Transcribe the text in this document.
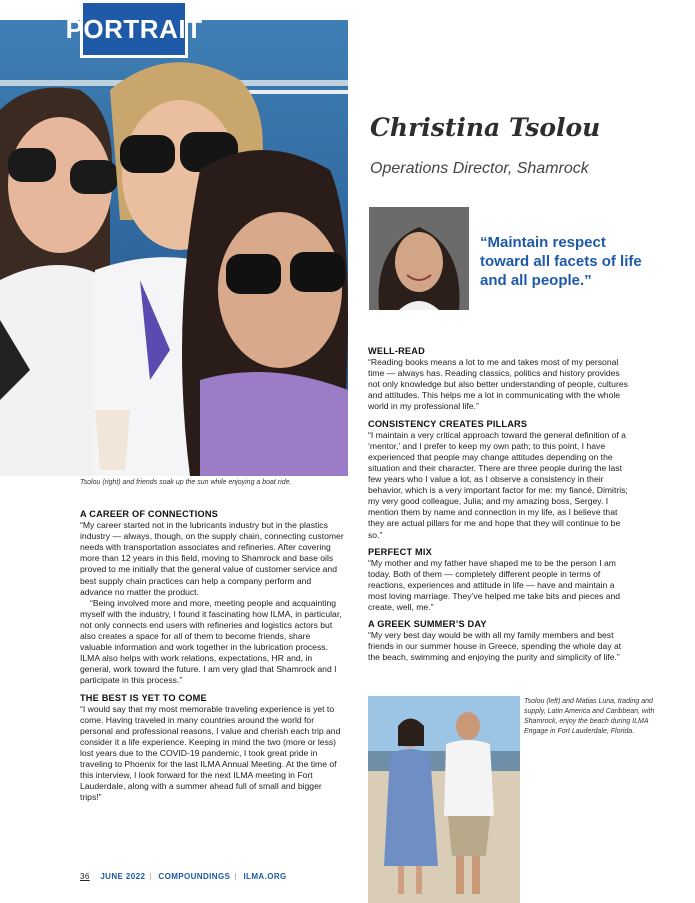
PORTRAIT
Tsolou (right) and friends soak up the sun while enjoying a boat ride.
Christina Tsolou
Operations Director, Shamrock
“Maintain respect toward all facets of life and all people.”
A CAREER OF CONNECTIONS

“My career started not in the lubricants industry but in the plastics industry — always, though, on the supply chain, connecting customer needs with transportation associates and refineries. After covering more than 12 years in this field, moving to Shamrock and base oils proved to me initially that the general value of customer service and best supply chain practices can help a company perform and advance no matter the product.

“Being involved more and more, meeting people and acquainting myself with the industry, I found it fascinating how ILMA, in particular, not only connects end users with refineries and logistics actors but also creates a space for all of them to become friends, share valuable information and work together in the lubrication process. ILMA also helps with work relations, expectations, HR and, in general, work toward the future. I am very glad that Shamrock and I participate in this process.”

THE BEST IS YET TO COME

“I would say that my most memorable traveling experience is yet to come. Having traveled in many countries around the world for personal and professional reasons, I value and cherish each trip and consider it a life experience. Keeping in mind the two (more or less) lost years due to the COVID-19 pandemic, I took great pride in traveling to Phoenix for the last ILMA Annual Meeting. At the time of this interview, I look forward for the next ILMA meeting in Fort Lauderdale, along with a summer ahead full of small and bigger trips!”

WELL-READ

“Reading books means a lot to me and takes most of my personal time — always has. Reading classics, politics and history provides not only knowledge but also better understanding of people, cultures and attitudes. This helps me a lot in communicating with the whole world in my professional life.”

CONSISTENCY CREATES PILLARS

“I maintain a very critical approach toward the general definition of a ‘mentor,’ and I prefer to keep my own path; to this point, I have experienced that people may change attitudes depending on the situation and their character. There are three people during the last few years who I value a lot, as I observe a consistency in their behavior, which is a very important factor for me: my fiancé, Dimitris; my very good colleague, Julia; and my amazing boss, Sergey. I mention them by name and connection in my life, as I believe that they are actual pillars for me and hope that they will continue to be so.”

PERFECT MIX

“My mother and my father have shaped me to be the person I am today. Both of them — completely different people in terms of reactions, experiences and attitude in life — have and maintain a most loving marriage. They’ve helped me take bits and pieces and create, well, me.”

A GREEK SUMMER’S DAY

“My very best day would be with all my family members and best friends in our summer house in Greece, spending the whole day at the beach, swimming and enjoying the purity and simplicity of life.”

Tsolou (left) and Matias Luna, trading and supply, Latin America and Caribbean, with Shamrock, enjoy the beach during ILMA Engage in Fort Lauderdale, Florida.
36 JUNE 2022 | COMPOUNDINGS | ILMA.ORG
